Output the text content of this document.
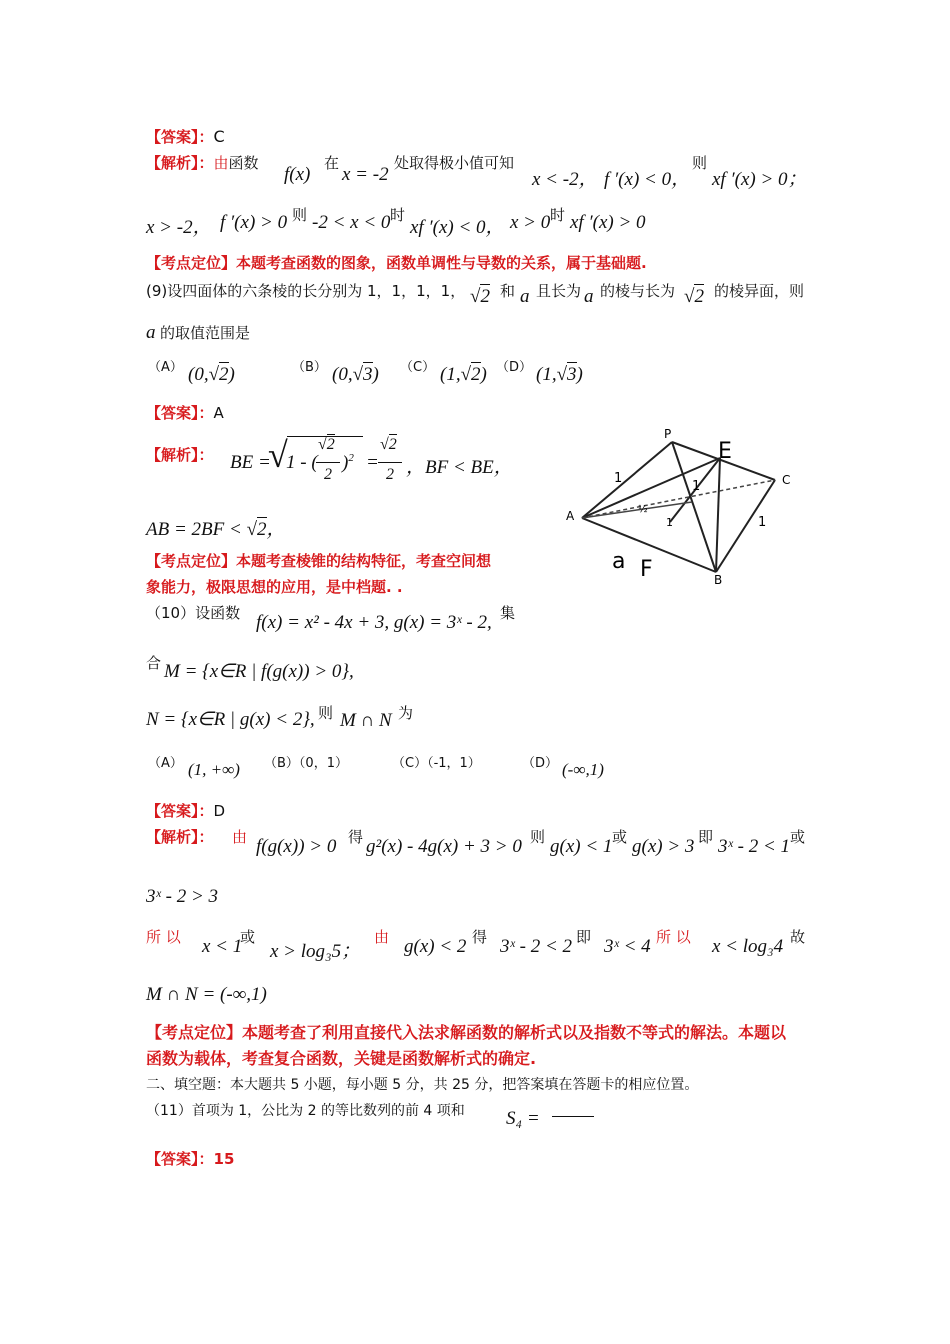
【答案】：C
【解析】：由函数
f(x)
在
x = -2
处取得极小值可知
x < -2， f ′(x) < 0，
则
xf ′(x) > 0；
x > -2， f ′(x) > 0 则 -2 < x < 0 时
xf ′(x) < 0， x > 0 时 xf ′(x) > 0
【考点定位】本题考查函数的图象，函数单调性与导数的关系，属于基础题.
(9)设四面体的六条棱的长分别为 1，1，1，1， √2 和 a 且长为 a 的棱与长为 √2 的棱异面，则
a 的取值范围是
（A） (0,√2)	（B） (0,√3) （C） (1,√2) （D） (1,√3)
【答案】：A
【解析】： BE =
√
1 - (
√2
2
)$^2$ =
√2
2 ，BF < BE，
AB = 2BF < √2，
【考点定位】本题考查棱锥的结构特征，考查空间想
象能力，极限思想的应用，是中档题. .
P
E
C
A
B
1
1
1	1
½
a F
（10）设函数 f(x) = x² - 4x + 3, g(x) = 3ˣ - 2, 集
合 M = {x∈R | f(g(x)) > 0},
N = {x∈R | g(x) < 2}, 则 M ∩ N 为
（A） (1, +∞) （B）（0，1）	（C）（-1，1）	（D） (-∞,1)
【答案】：D
【解析】： 由 f(g(x)) > 0 得 g²(x) - 4g(x) + 3 > 0 则 g(x) < 1 或 g(x) > 3 即 3ˣ - 2 < 1 或
3ˣ - 2 > 3
所 以 x < 1
或
x > log₃5；
由 g(x) < 2 得 3ˣ - 2 < 2 即 3ˣ < 4 所 以 x < log₃4 故
M ∩ N = (-∞,1)
【考点定位】本题考查了利用直接代入法求解函数的解析式以及指数不等式的解法。本题以
函数为载体，考查复合函数，关键是函数解析式的确定.
二、填空题：本大题共 5 小题，每小题 5 分，共 25 分，把答案填在答题卡的相应位置。
（11）首项为 1，公比为 2 的等比数列的前 4 项和 S₄ =
【答案】：15
